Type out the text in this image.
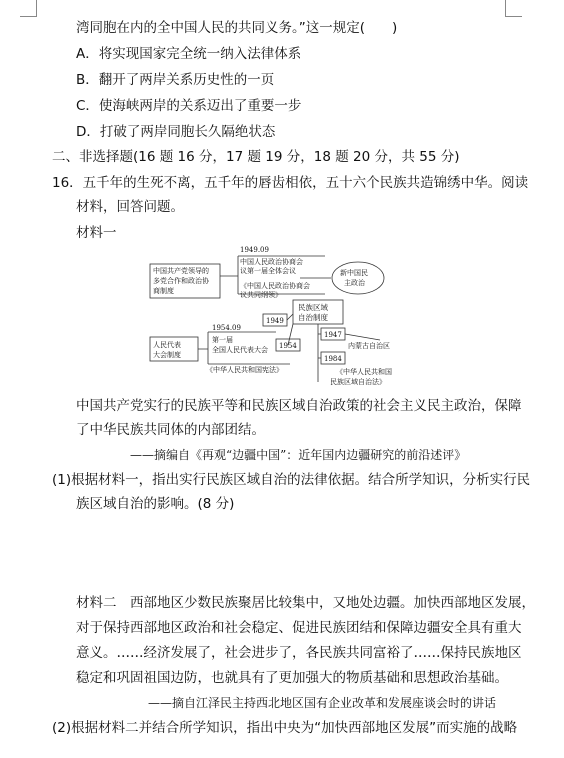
湾同胞在内的全中国人民的共同义务。”这一规定(　　)
A．将实现国家完全统一纳入法律体系
B．翻开了两岸关系历史性的一页
C．使海峡两岸的关系迈出了重要一步
D．打破了两岸同胞长久隔绝状态
二、非选择题(16 题 16 分，17 题 19 分，18 题 20 分，共 55 分)
16．五千年的生死不离，五千年的唇齿相依，五十六个民族共造锦绣中华。阅读
材料，回答问题。
材料一
1949.09
中国人民政治协商会
议第一届全体会议
《中国人民政治协商会
议共同纲领》
中国共产党领导的
多党合作和政治协
商制度
新中国民
主政治
民族区域
自治制度
1949
1947
内蒙古自治区
人民代表
大会制度
1954.09
第一届
全国人民代表大会 1954
《中华人民共和国宪法》
1984
《中华人民共和国
民族区域自治法》
中国共产党实行的民族平等和民族区域自治政策的社会主义民主政治，保障
了中华民族共同体的内部团结。
——摘编自《再观“边疆中国”：近年国内边疆研究的前沿述评》
(1)根据材料一，指出实行民族区域自治的法律依据。结合所学知识，分析实行民
族区域自治的影响。(8 分)
材料二　西部地区少数民族聚居比较集中，又地处边疆。加快西部地区发展，
对于保持西部地区政治和社会稳定、促进民族团结和保障边疆安全具有重大
意义。……经济发展了，社会进步了，各民族共同富裕了……保持民族地区
稳定和巩固祖国边防，也就具有了更加强大的物质基础和思想政治基础。
——摘自江泽民主持西北地区国有企业改革和发展座谈会时的讲话
(2)根据材料二并结合所学知识，指出中央为“加快西部地区发展”而实施的战略
